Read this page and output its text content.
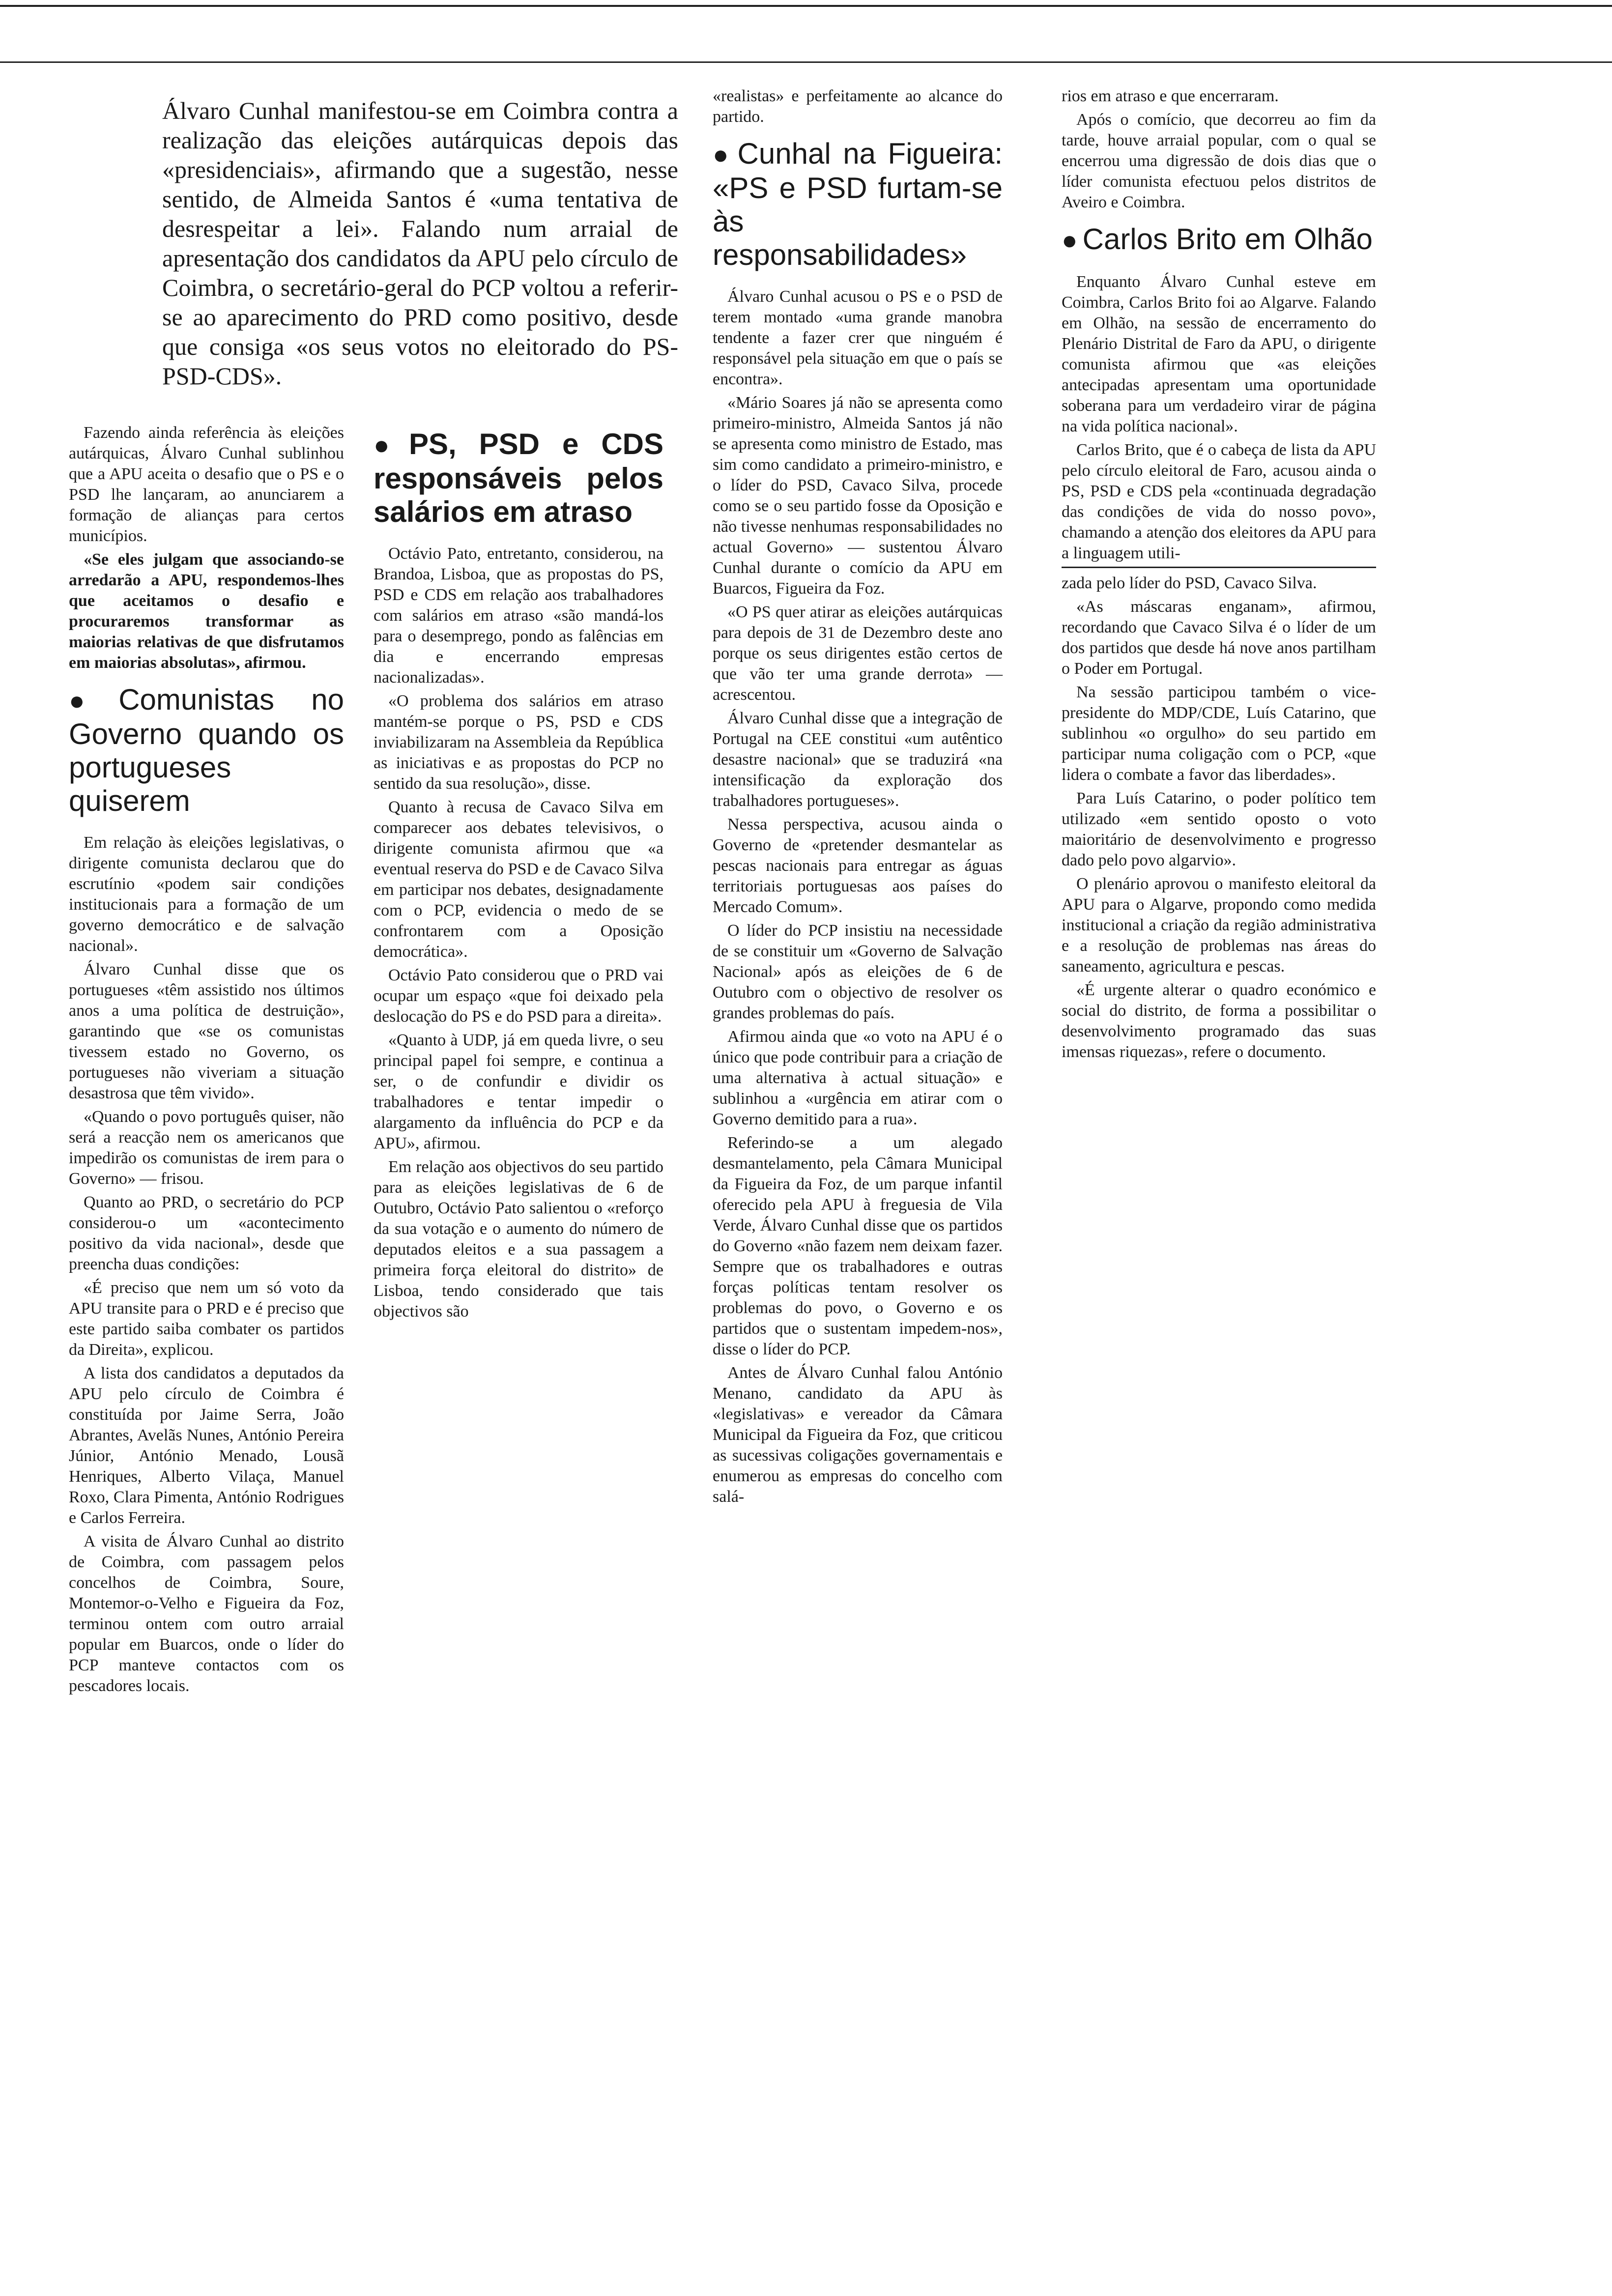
Álvaro Cunhal manifestou-se em Coimbra contra a realização das eleições autárquicas depois das «presidenciais», afirmando que a sugestão, nesse sentido, de Almeida Santos é «uma tentativa de desrespeitar a lei». Falando num arraial de apresentação dos candidatos da APU pelo círculo de Coimbra, o secretário-geral do PCP voltou a referir-se ao aparecimento do PRD como positivo, desde que consiga «os seus votos no eleitorado do PS-PSD-CDS».

Fazendo ainda referência às eleições autárquicas, Álvaro Cunhal sublinhou que a APU aceita o desafio que o PS e o PSD lhe lançaram, ao anunciarem a formação de alianças para certos municípios.

«Se eles julgam que associando-se arredarão a APU, respondemos-lhes que aceitamos o desafio e procuraremos transformar as maiorias relativas de que disfrutamos em maiorias absolutas», afirmou.

● Comunistas no Governo quando os portugueses quiserem

Em relação às eleições legislativas, o dirigente comunista declarou que do escrutínio «podem sair condições institucionais para a formação de um governo democrático e de salvação nacional».

Álvaro Cunhal disse que os portugueses «têm assistido nos últimos anos a uma política de destruição», garantindo que «se os comunistas tivessem estado no Governo, os portugueses não viveriam a situação desastrosa que têm vivido».

«Quando o povo português quiser, não será a reacção nem os americanos que impedirão os comunistas de irem para o Governo» — frisou.

Quanto ao PRD, o secretário do PCP considerou-o um «acontecimento positivo da vida nacional», desde que preencha duas condições:

«É preciso que nem um só voto da APU transite para o PRD e é preciso que este partido saiba combater os partidos da Direita», explicou.

A lista dos candidatos a deputados da APU pelo círculo de Coimbra é constituída por Jaime Serra, João Abrantes, Avelãs Nunes, António Pereira Júnior, António Menado, Lousã Henriques, Alberto Vilaça, Manuel Roxo, Clara Pimenta, António Rodrigues e Carlos Ferreira.

A visita de Álvaro Cunhal ao distrito de Coimbra, com passagem pelos concelhos de Coimbra, Soure, Montemor-o-Velho e Figueira da Foz, terminou ontem com outro arraial popular em Buarcos, onde o líder do PCP manteve contactos com os pescadores locais.

● PS, PSD e CDS responsáveis pelos salários em atraso

Octávio Pato, entretanto, considerou, na Brandoa, Lisboa, que as propostas do PS, PSD e CDS em relação aos trabalhadores com salários em atraso «são mandá-los para o desemprego, pondo as falências em dia e encerrando empresas nacionalizadas».

«O problema dos salários em atraso mantém-se porque o PS, PSD e CDS inviabilizaram na Assembleia da República as iniciativas e as propostas do PCP no sentido da sua resolução», disse.

Quanto à recusa de Cavaco Silva em comparecer aos debates televisivos, o dirigente comunista afirmou que «a eventual reserva do PSD e de Cavaco Silva em participar nos debates, designadamente com o PCP, evidencia o medo de se confrontarem com a Oposição democrática».

Octávio Pato considerou que o PRD vai ocupar um espaço «que foi deixado pela deslocação do PS e do PSD para a direita».

«Quanto à UDP, já em queda livre, o seu principal papel foi sempre, e continua a ser, o de confundir e dividir os trabalhadores e tentar impedir o alargamento da influência do PCP e da APU», afirmou.

Em relação aos objectivos do seu partido para as eleições legislativas de 6 de Outubro, Octávio Pato salientou o «reforço da sua votação e o aumento do número de deputados eleitos e a sua passagem a primeira força eleitoral do distrito» de Lisboa, tendo considerado que tais objectivos são

«realistas» e perfeitamente ao alcance do partido.

● Cunhal na Figueira: «PS e PSD furtam-se às responsabilidades»

Álvaro Cunhal acusou o PS e o PSD de terem montado «uma grande manobra tendente a fazer crer que ninguém é responsável pela situação em que o país se encontra».

«Mário Soares já não se apresenta como primeiro-ministro, Almeida Santos já não se apresenta como ministro de Estado, mas sim como candidato a primeiro-ministro, e o líder do PSD, Cavaco Silva, procede como se o seu partido fosse da Oposição e não tivesse nenhumas responsabilidades no actual Governo» — sustentou Álvaro Cunhal durante o comício da APU em Buarcos, Figueira da Foz.

«O PS quer atirar as eleições autárquicas para depois de 31 de Dezembro deste ano porque os seus dirigentes estão certos de que vão ter uma grande derrota» — acrescentou.

Álvaro Cunhal disse que a integração de Portugal na CEE constitui «um autêntico desastre nacional» que se traduzirá «na intensificação da exploração dos trabalhadores portugueses».

Nessa perspectiva, acusou ainda o Governo de «pretender desmantelar as pescas nacionais para entregar as águas territoriais portuguesas aos países do Mercado Comum».

O líder do PCP insistiu na necessidade de se constituir um «Governo de Salvação Nacional» após as eleições de 6 de Outubro com o objectivo de resolver os grandes problemas do país.

Afirmou ainda que «o voto na APU é o único que pode contribuir para a criação de uma alternativa à actual situação» e sublinhou a «urgência em atirar com o Governo demitido para a rua».

Referindo-se a um alegado desmantelamento, pela Câmara Municipal da Figueira da Foz, de um parque infantil oferecido pela APU à freguesia de Vila Verde, Álvaro Cunhal disse que os partidos do Governo «não fazem nem deixam fazer. Sempre que os trabalhadores e outras forças políticas tentam resolver os problemas do povo, o Governo e os partidos que o sustentam impedem-nos», disse o líder do PCP.

Antes de Álvaro Cunhal falou António Menano, candidato da APU às «legislativas» e vereador da Câmara Municipal da Figueira da Foz, que criticou as sucessivas coligações governamentais e enumerou as empresas do concelho com salá-

rios em atraso e que encerraram.

Após o comício, que decorreu ao fim da tarde, houve arraial popular, com o qual se encerrou uma digressão de dois dias que o líder comunista efectuou pelos distritos de Aveiro e Coimbra.

● Carlos Brito em Olhão

Enquanto Álvaro Cunhal esteve em Coimbra, Carlos Brito foi ao Algarve. Falando em Olhão, na sessão de encerramento do Plenário Distrital de Faro da APU, o dirigente comunista afirmou que «as eleições antecipadas apresentam uma oportunidade soberana para um verdadeiro virar de página na vida política nacional».

Carlos Brito, que é o cabeça de lista da APU pelo círculo eleitoral de Faro, acusou ainda o PS, PSD e CDS pela «continuada degradação das condições de vida do nosso povo», chamando a atenção dos eleitores da APU para a linguagem utili-

zada pelo líder do PSD, Cavaco Silva.

«As máscaras enganam», afirmou, recordando que Cavaco Silva é o líder de um dos partidos que desde há nove anos partilham o Poder em Portugal.

Na sessão participou também o vice-presidente do MDP/CDE, Luís Catarino, que sublinhou «o orgulho» do seu partido em participar numa coligação com o PCP, «que lidera o combate a favor das liberdades».

Para Luís Catarino, o poder político tem utilizado «em sentido oposto o voto maioritário de desenvolvimento e progresso dado pelo povo algarvio».

O plenário aprovou o manifesto eleitoral da APU para o Algarve, propondo como medida institucional a criação da região administrativa e a resolução de problemas nas áreas do saneamento, agricultura e pescas.

«É urgente alterar o quadro económico e social do distrito, de forma a possibilitar o desenvolvimento programado das suas imensas riquezas», refere o documento.
